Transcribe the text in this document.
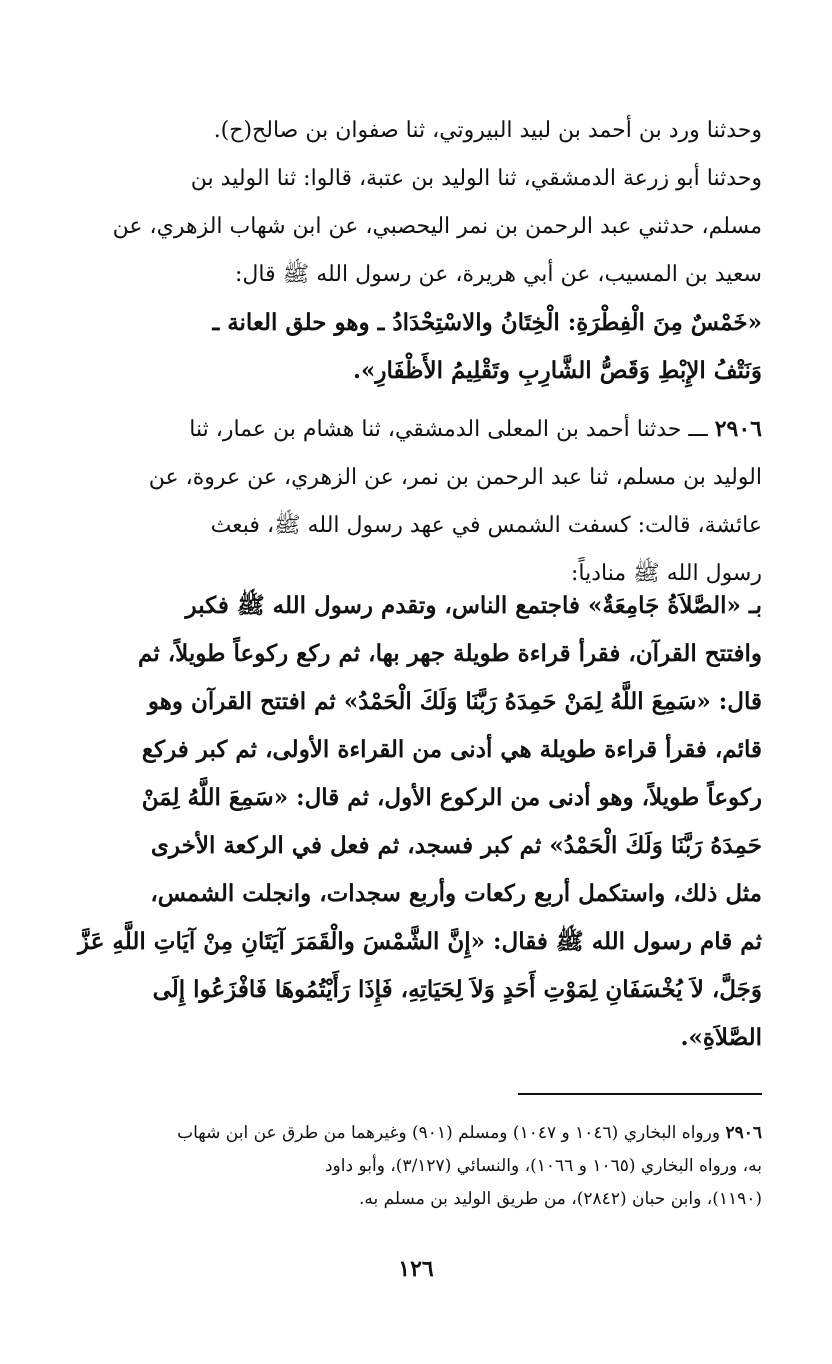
وحدثنا ورد بن أحمد بن لبيد البيروتي، ثنا صفوان بن صالح(ح).

وحدثنا أبو زرعة الدمشقي، ثنا الوليد بن عتبة، قالوا: ثنا الوليد بن

مسلم، حدثني عبد الرحمن بن نمر اليحصبي، عن ابن شهاب الزهري، عن

سعيد بن المسيب، عن أبي هريرة، عن رسول الله ﷺ قال:

«خَمْسٌ مِنَ الْفِطْرَةِ: الْخِتَانُ والاسْتِحْدَادُ ـ وهو حلق العانة ـ

وَنَتْفُ الإِبْطِ وَقَصُّ الشَّارِبِ وتَقْلِيمُ الأَظْفَارِ».

٢٩٠٦ ـــ حدثنا أحمد بن المعلى الدمشقي، ثنا هشام بن عمار، ثنا

الوليد بن مسلم، ثنا عبد الرحمن بن نمر، عن الزهري، عن عروة، عن

عائشة، قالت: كسفت الشمس في عهد رسول الله ﷺ، فبعث

رسول الله ﷺ منادياً:

بـ «الصَّلاَةُ جَامِعَةٌ» فاجتمع الناس، وتقدم رسول الله ﷺ فكبر

وافتتح القرآن، فقرأ قراءة طويلة جهر بها، ثم ركع ركوعاً طويلاً، ثم

قال: «سَمِعَ اللَّهُ لِمَنْ حَمِدَهُ رَبَّنَا وَلَكَ الْحَمْدُ» ثم افتتح القرآن وهو

قائم، فقرأ قراءة طويلة هي أدنى من القراءة الأولى، ثم كبر فركع

ركوعاً طويلاً، وهو أدنى من الركوع الأول، ثم قال: «سَمِعَ اللَّهُ لِمَنْ

حَمِدَهُ رَبَّنَا وَلَكَ الْحَمْدُ» ثم كبر فسجد، ثم فعل في الركعة الأخرى

مثل ذلك، واستكمل أربع ركعات وأربع سجدات، وانجلت الشمس،

ثم قام رسول الله ﷺ فقال: «إِنَّ الشَّمْسَ والْقَمَرَ آيَتَانِ مِنْ آيَاتِ اللَّهِ عَزَّ

وَجَلَّ، لاَ يُخْسَفَانِ لِمَوْتِ أَحَدٍ وَلاَ لِحَيَاتِهِ، فَإِذَا رَأَيْتُمُوهَا فَافْزَعُوا إِلَى

الصَّلاَةِ».

٢٩٠٦ ورواه البخاري (١٠٤٦ و ١٠٤٧) ومسلم (٩٠١) وغيرهما من طرق عن ابن شهاب
به، ورواه البخاري (١٠٦٥ و ١٠٦٦)، والنسائي (٣/١٢٧)، وأبو داود
(١١٩٠)، وابن حبان (٢٨٤٢)، من طريق الوليد بن مسلم به.
١٢٦
